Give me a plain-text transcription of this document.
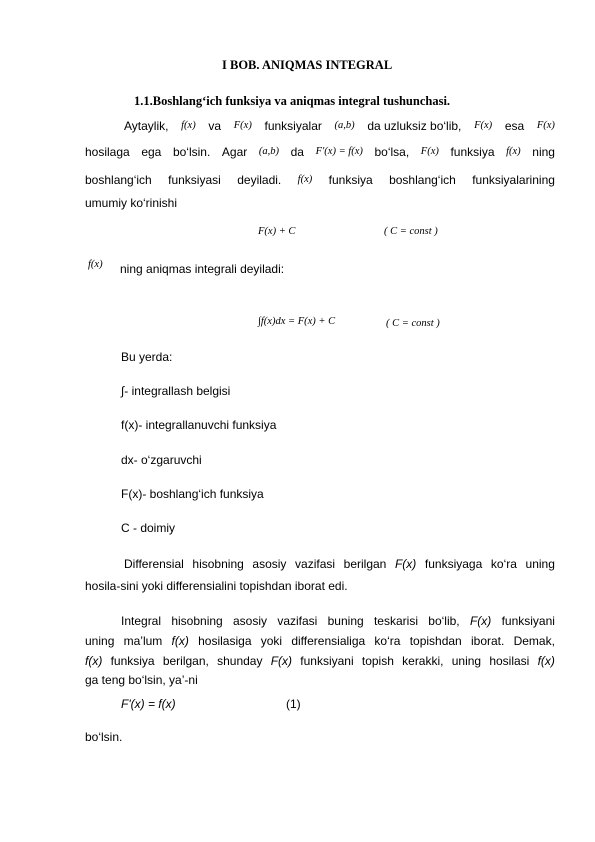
I BOB. ANIQMAS INTEGRAL
1.1.Boshlang‘ich funksiya va aniqmas integral tushunchasi.
Aytaylik, f(x) va F(x) funksiyalar (a,b) da uzluksiz bo‘lib, F(x) esa F(x)
hosilaga ega bo‘lsin. Agar (a,b) da F′(x) = f(x) bo‘lsa, F(x) funksiya f(x) ning
boshlang‘ich funksiyasi deyiladi. f(x) funksiya boshlang‘ich funksiyalarining
umumiy ko‘rinishi
F(x) + C	( C = const )
f(x) ning aniqmas integrali deyiladi:
∫f(x)dx = F(x) + C	( C = const )
Bu yerda:
∫- integrallash belgisi
f(x)- integrallanuvchi funksiya
dx- o‘zgaruvchi
F(x)- boshlang‘ich funksiya
C - doimiy
Differensial hisobning asosiy vazifasi berilgan F(x) funksiyaga ko‘ra uning
hosila-sini yoki differensialini topishdan iborat edi.
Integral hisobning asosiy vazifasi buning teskarisi bo‘lib, F(x) funksiyani
uning ma’lum f(x) hosilasiga yoki differensialiga ko‘ra topishdan iborat. Demak,
f(x) funksiya berilgan, shunday F(x) funksiyani topish kerakki, uning hosilasi f(x)
ga teng bo‘lsin, ya’-ni
F'(x) = f(x)	(1)
bo‘lsin.
